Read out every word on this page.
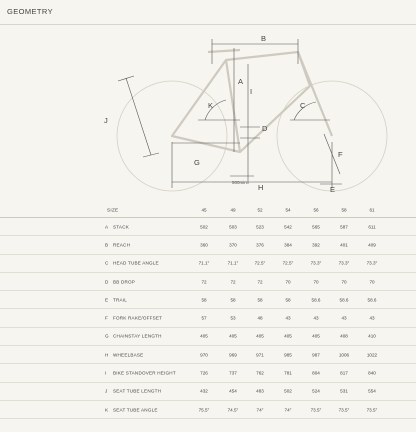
GEOMETRY
B
A
I
K	C
D
J
G
F
H	E
500min
SIZE	45	49	52	54	56	58	61
A STACK	502	503	523	542	565	587	611
B REACH	360	370	376	384	392	401	409
C HEAD TUBE ANGLE	71.1°	71.1°	72.5°	72.5°	73.3°	73.3°	73.3°
D BB DROP	72	72	72	70	70	70	70
E TRAIL	58	58	58	58	58.6	58.6	58.6
F FORK RAKE/OFFSET	57	53	48	43	43	43	43
G CHAINSTAY LENGTH	405	405	405	405	405	408	410
H WHEELBASE	970	969	971	985	987	1006	1022
I BIKE STANDOVER HEIGHT	726	737	762	781	804	817	840
J SEAT TUBE LENGTH	432	454	483	502	524	531	554
K SEAT TUBE ANGLE	75.5°	74.5°	74°	74°	73.5°	73.5°	73.5°
